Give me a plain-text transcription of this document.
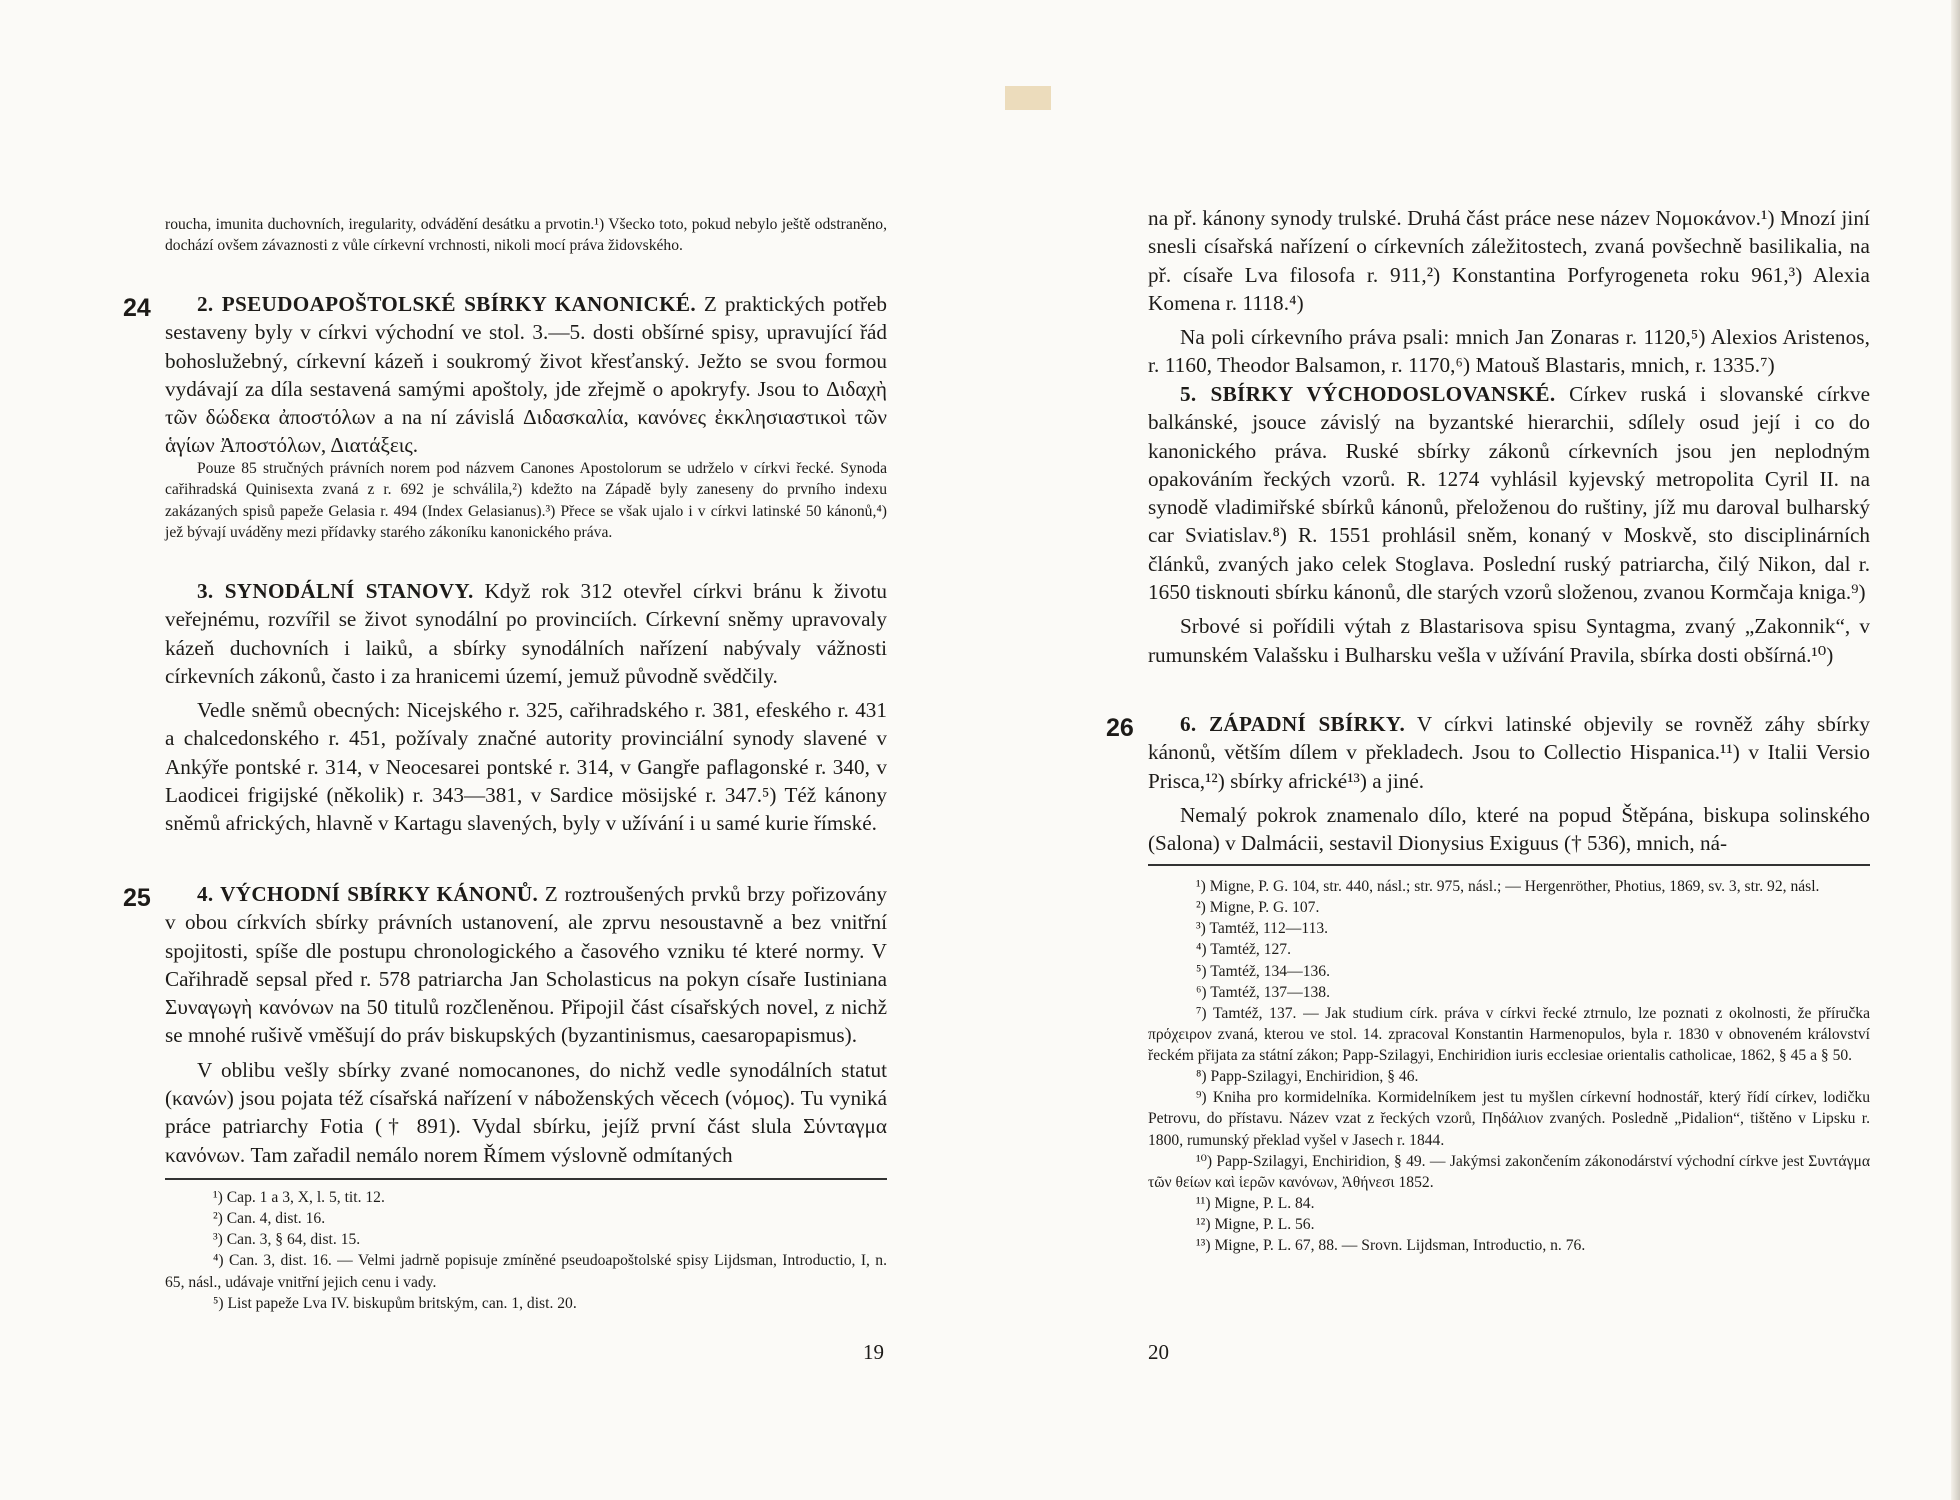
roucha, imunita duchovních, iregularity, odvádění desátku a prvotin.¹) Všecko toto, pokud nebylo ještě odstraněno, dochází ovšem závaznosti z vůle církevní vrchnosti, nikoli mocí práva židovského.

24	2. PSEUDOAPOŠTOLSKÉ SBÍRKY KANONICKÉ. Z praktických potřeb sestaveny byly v církvi východní ve stol. 3.—5. dosti obšírné spisy, upravující řád bohoslužebný, církevní kázeň i soukromý život křesťanský. Ježto se svou formou vydávají za díla sestavená samými apoštoly, jde zřejmě o apokryfy. Jsou to Διδαχὴ τῶν δώδεκα ἀποστόλων a na ní závislá Διδασκαλία, κανόνες ἐκκλησιαστικοὶ τῶν ἁγίων Ἀποστόλων, Διατάξεις.

Pouze 85 stručných právních norem pod názvem Canones Apostolorum se udrželo v církvi řecké. Synoda cařihradská Quinisexta zvaná z r. 692 je schválila,²) kdežto na Západě byly zaneseny do prvního indexu zakázaných spisů papeže Gelasia r. 494 (Index Gelasianus).³) Přece se však ujalo i v církvi latinské 50 kánonů,⁴) jež bývají uváděny mezi přídavky starého zákoníku kanonického práva.

3. SYNODÁLNÍ STANOVY. Když rok 312 otevřel církvi bránu k životu veřejnému, rozvířil se život synodální po provinciích. Církevní sněmy upravovaly kázeň duchovních i laiků, a sbírky synodálních nařízení nabývaly vážnosti církevních zákonů, často i za hranicemi území, jemuž původně svědčily.

Vedle sněmů obecných: Nicejského r. 325, cařihradského r. 381, efeského r. 431 a chalcedonského r. 451, požívaly značné autority provinciální synody slavené v Ankýře pontské r. 314, v Neocesarei pontské r. 314, v Gangře paflagonské r. 340, v Laodicei frigijské (několik) r. 343—381, v Sardice mösijské r. 347.⁵) Též kánony sněmů afrických, hlavně v Kartagu slavených, byly v užívání i u samé kurie římské.

25	4. VÝCHODNÍ SBÍRKY KÁNONŮ. Z roztroušených prvků brzy pořizovány v obou církvích sbírky právních ustanovení, ale zprvu nesoustavně a bez vnitřní spojitosti, spíše dle postupu chronologického a časového vzniku té které normy. V Cařihradě sepsal před r. 578 patriarcha Jan Scholasticus na pokyn císaře Iustiniana Συναγωγὴ κανόνων na 50 titulů rozčleněnou. Připojil část císařských novel, z nichž se mnohé rušivě vměšují do práv biskupských (byzantinismus, caesaropapismus).

V oblibu vešly sbírky zvané nomocanones, do nichž vedle synodálních statut (κανών) jsou pojata též císařská nařízení v náboženských věcech (νόμος). Tu vyniká práce patriarchy Fotia († 891). Vydal sbírku, jejíž první část slula Σύνταγμα κανόνων. Tam zařadil nemálo norem Římem výslovně odmítaných

¹) Cap. 1 a 3, X, l. 5, tit. 12.
²) Can. 4, dist. 16.
³) Can. 3, § 64, dist. 15.
⁴) Can. 3, dist. 16. — Velmi jadrně popisuje zmíněné pseudoapoštolské spisy Lijdsman, Introductio, I, n. 65, násl., udávaje vnitřní jejich cenu i vady.
⁵) List papeže Lva IV. biskupům britským, can. 1, dist. 20.
19

na př. kánony synody trulské. Druhá část práce nese název Νομοκάνον.¹) Mnozí jiní snesli císařská nařízení o církevních záležitostech, zvaná povšechně basilikalia, na př. císaře Lva filosofa r. 911,²) Konstantina Porfyrogeneta roku 961,³) Alexia Komena r. 1118.⁴)

Na poli církevního práva psali: mnich Jan Zonaras r. 1120,⁵) Alexios Aristenos, r. 1160, Theodor Balsamon, r. 1170,⁶) Matouš Blastaris, mnich, r. 1335.⁷)

5. SBÍRKY VÝCHODOSLOVANSKÉ. Církev ruská i slovanské církve balkánské, jsouce závislý na byzantské hierarchii, sdílely osud její i co do kanonického práva. Ruské sbírky zákonů církevních jsou jen neplodným opakováním řeckých vzorů. R. 1274 vyhlásil kyjevský metropolita Cyril II. na synodě vladimiřské sbírků kánonů, přeloženou do ruštiny, jíž mu daroval bulharský car Sviatislav.⁸) R. 1551 prohlásil sněm, konaný v Moskvě, sto disciplinárních článků, zvaných jako celek Stoglava. Poslední ruský patriarcha, čilý Nikon, dal r. 1650 tisknouti sbírku kánonů, dle starých vzorů složenou, zvanou Kormčaja kniga.⁹)

Srbové si pořídili výtah z Blastarisova spisu Syntagma, zvaný „Zakonnik“, v rumunském Valašsku i Bulharsku vešla v užívání Pravila, sbírka dosti obšírná.¹⁰)

26	6. ZÁPADNÍ SBÍRKY. V církvi latinské objevily se rovněž záhy sbírky kánonů, větším dílem v překladech. Jsou to Collectio Hispanica.¹¹) v Italii Versio Prisca,¹²) sbírky africké¹³) a jiné.

Nemalý pokrok znamenalo dílo, které na popud Štěpána, biskupa solinského (Salona) v Dalmácii, sestavil Dionysius Exiguus († 536), mnich, ná-

¹) Migne, P. G. 104, str. 440, násl.; str. 975, násl.; — Hergenröther, Photius, 1869, sv. 3, str. 92, násl.
²) Migne, P. G. 107.
³) Tamtéž, 112—113.
⁴) Tamtéž, 127.
⁵) Tamtéž, 134—136.
⁶) Tamtéž, 137—138.
⁷) Tamtéž, 137. — Jak studium círk. práva v církvi řecké ztrnulo, lze poznati z okolnosti, že příručka πρόχειρον zvaná, kterou ve stol. 14. zpracoval Konstantin Harmenopulos, byla r. 1830 v obnoveném království řeckém přijata za státní zákon; Papp-Szilagyi, Enchiridion iuris ecclesiae orientalis catholicae, 1862, § 45 a § 50.
⁸) Papp-Szilagyi, Enchiridion, § 46.
⁹) Kniha pro kormidelníka. Kormidelníkem jest tu myšlen církevní hodnostář, který řídí církev, lodičku Petrovu, do přístavu. Název vzat z řeckých vzorů, Πηδάλιον zvaných. Posledně „Pidalion“, tištěno v Lipsku r. 1800, rumunský překlad vyšel v Jasech r. 1844.
¹⁰) Papp-Szilagyi, Enchiridion, § 49. — Jakýmsi zakončením zákonodárství východní církve jest Συντάγμα τῶν θείων καὶ ἱερῶν κανόνων, Ἀθήνεσι 1852.
¹¹) Migne, P. L. 84.
¹²) Migne, P. L. 56.
¹³) Migne, P. L. 67, 88. — Srovn. Lijdsman, Introductio, n. 76.
20
